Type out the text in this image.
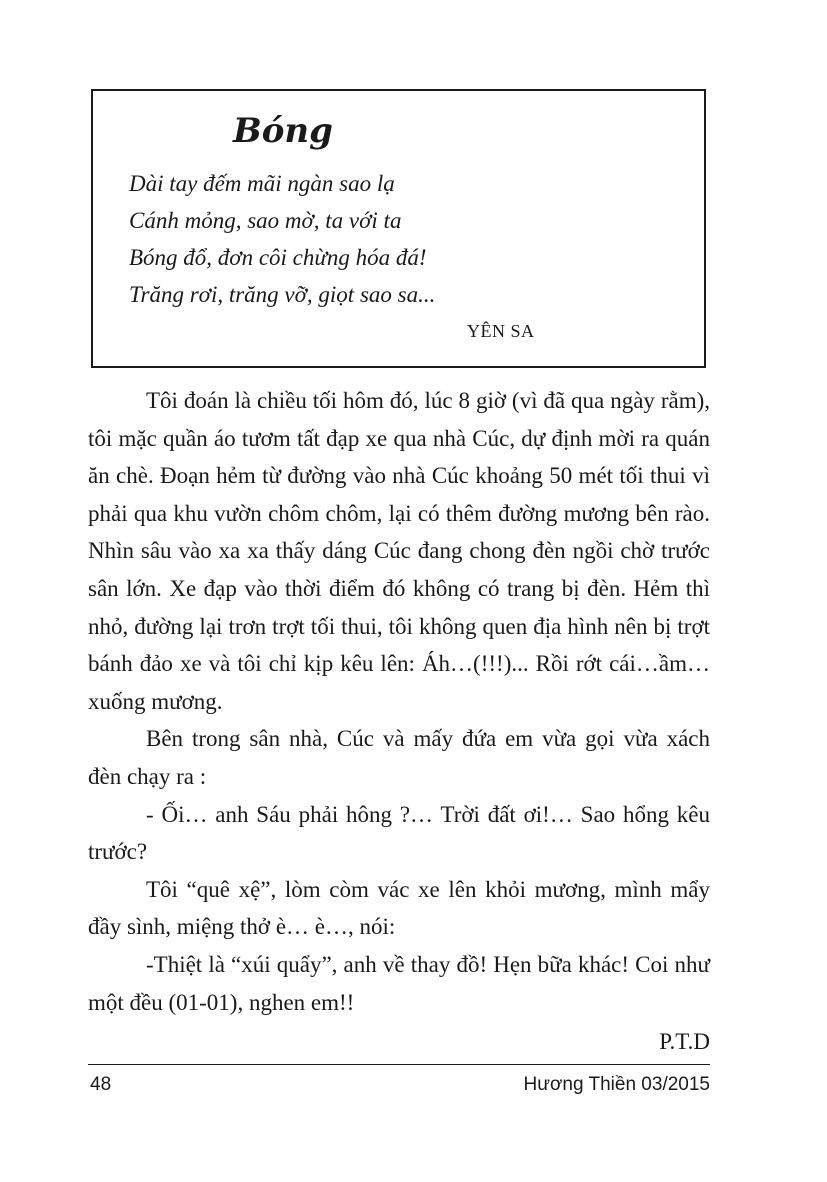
Bóng
Dài tay đếm mãi ngàn sao lạ
Cánh mỏng, sao mờ, ta với ta
Bóng đổ, đơn côi chừng hóa đá!
Trăng rơi, trăng vỡ, giọt sao sa...
YÊN SA

Tôi đoán là chiều tối hôm đó, lúc 8 giờ (vì đã qua ngày rằm), tôi mặc quần áo tươm tất đạp xe qua nhà Cúc, dự định mời ra quán ăn chè. Đoạn hẻm từ đường vào nhà Cúc khoảng 50 mét tối thui vì phải qua khu vườn chôm chôm, lại có thêm đường mương bên rào. Nhìn sâu vào xa xa thấy dáng Cúc đang chong đèn ngồi chờ trước sân lớn. Xe đạp vào thời điểm đó không có trang bị đèn. Hẻm thì nhỏ, đường lại trơn trợt tối thui, tôi không quen địa hình nên bị trợt bánh đảo xe và tôi chỉ kịp kêu lên: Áh…(!!!)... Rồi rớt cái…ầm… xuống mương.

Bên trong sân nhà, Cúc và mấy đứa em vừa gọi vừa xách đèn chạy ra :

- Ối… anh Sáu phải hông ?… Trời đất ơi!… Sao hổng kêu trước?

Tôi “quê xệ”, lòm còm vác xe lên khỏi mương, mình mẩy đầy sình, miệng thở è… è…, nói:

-Thiệt là “xúi quẩy”, anh về thay đồ! Hẹn bữa khác! Coi như một đều (01-01), nghen em!!

P.T.D
48	Hương Thiền 03/2015
